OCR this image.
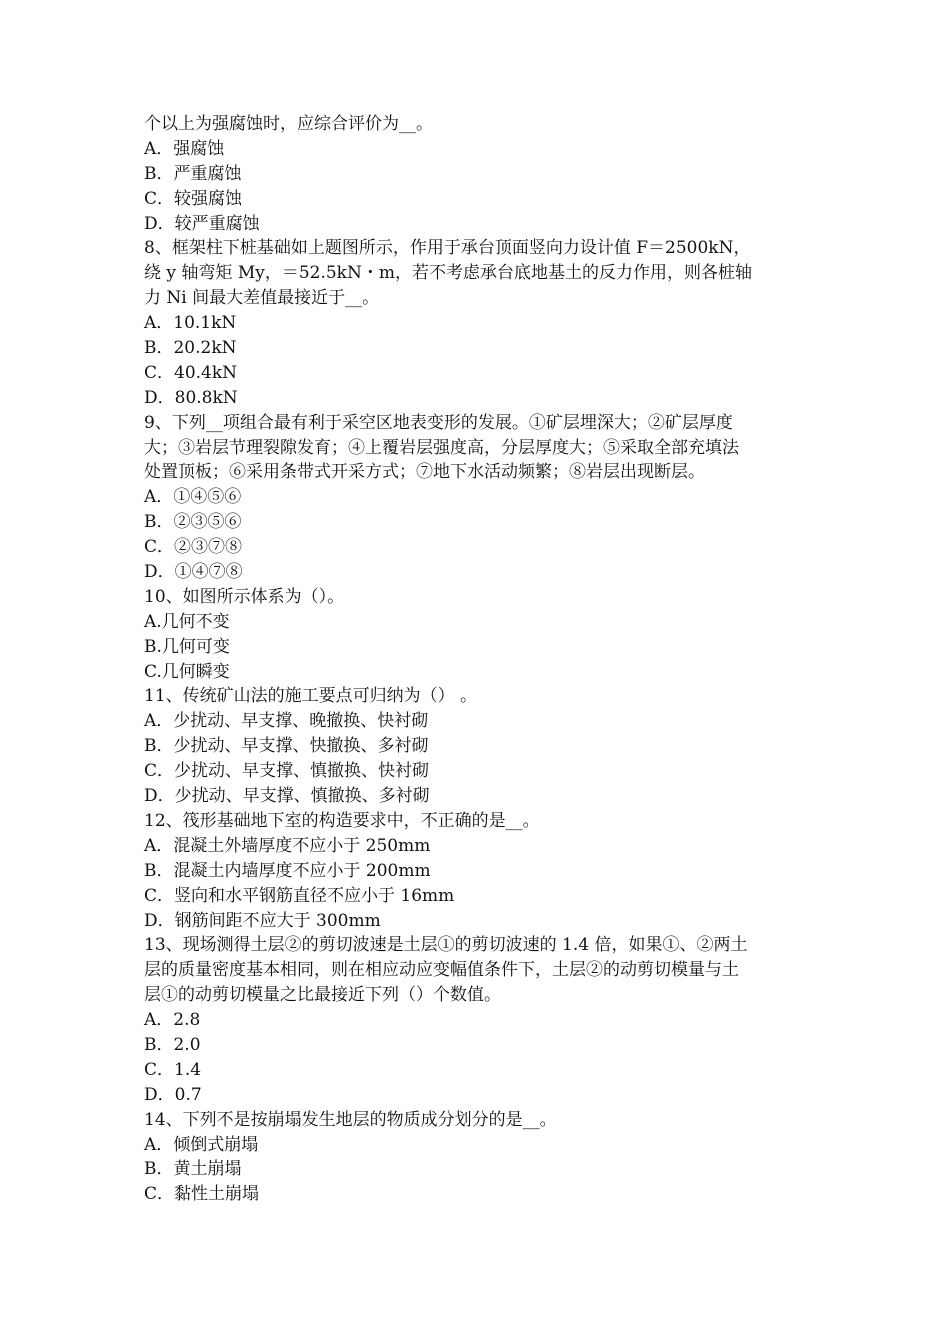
个以上为强腐蚀时，应综合评价为__。
A．强腐蚀
B．严重腐蚀
C．较强腐蚀
D．较严重腐蚀
8、框架柱下桩基础如上题图所示，作用于承台顶面竖向力设计值 F＝2500kN，
绕 y 轴弯矩 My，＝52.5kN・m，若不考虑承台底地基土的反力作用，则各桩轴
力 Ni 间最大差值最接近于__。
A．10.1kN
B．20.2kN
C．40.4kN
D．80.8kN
9、下列__项组合最有利于采空区地表变形的发展。①矿层埋深大；②矿层厚度
大；③岩层节理裂隙发育；④上覆岩层强度高，分层厚度大；⑤采取全部充填法
处置顶板；⑥采用条带式开采方式；⑦地下水活动频繁；⑧岩层出现断层。
A．①④⑤⑥
B．②③⑤⑥
C．②③⑦⑧
D．①④⑦⑧
10、如图所示体系为（）。
A.几何不变
B.几何可变
C.几何瞬变
11、传统矿山法的施工要点可归纳为（） 。
A．少扰动、早支撑、晚撤换、快衬砌
B．少扰动、早支撑、快撤换、多衬砌
C．少扰动、早支撑、慎撤换、快衬砌
D．少扰动、早支撑、慎撤换、多衬砌
12、筏形基础地下室的构造要求中，不正确的是__。
A．混凝土外墙厚度不应小于 250mm
B．混凝土内墙厚度不应小于 200mm
C．竖向和水平钢筋直径不应小于 16mm
D．钢筋间距不应大于 300mm
13、现场测得土层②的剪切波速是土层①的剪切波速的 1.4 倍，如果①、②两土
层的质量密度基本相同，则在相应动应变幅值条件下，土层②的动剪切模量与土
层①的动剪切模量之比最接近下列（）个数值。
A．2.8
B．2.0
C．1.4
D．0.7
14、下列不是按崩塌发生地层的物质成分划分的是__。
A．倾倒式崩塌
B．黄土崩塌
C．黏性土崩塌
